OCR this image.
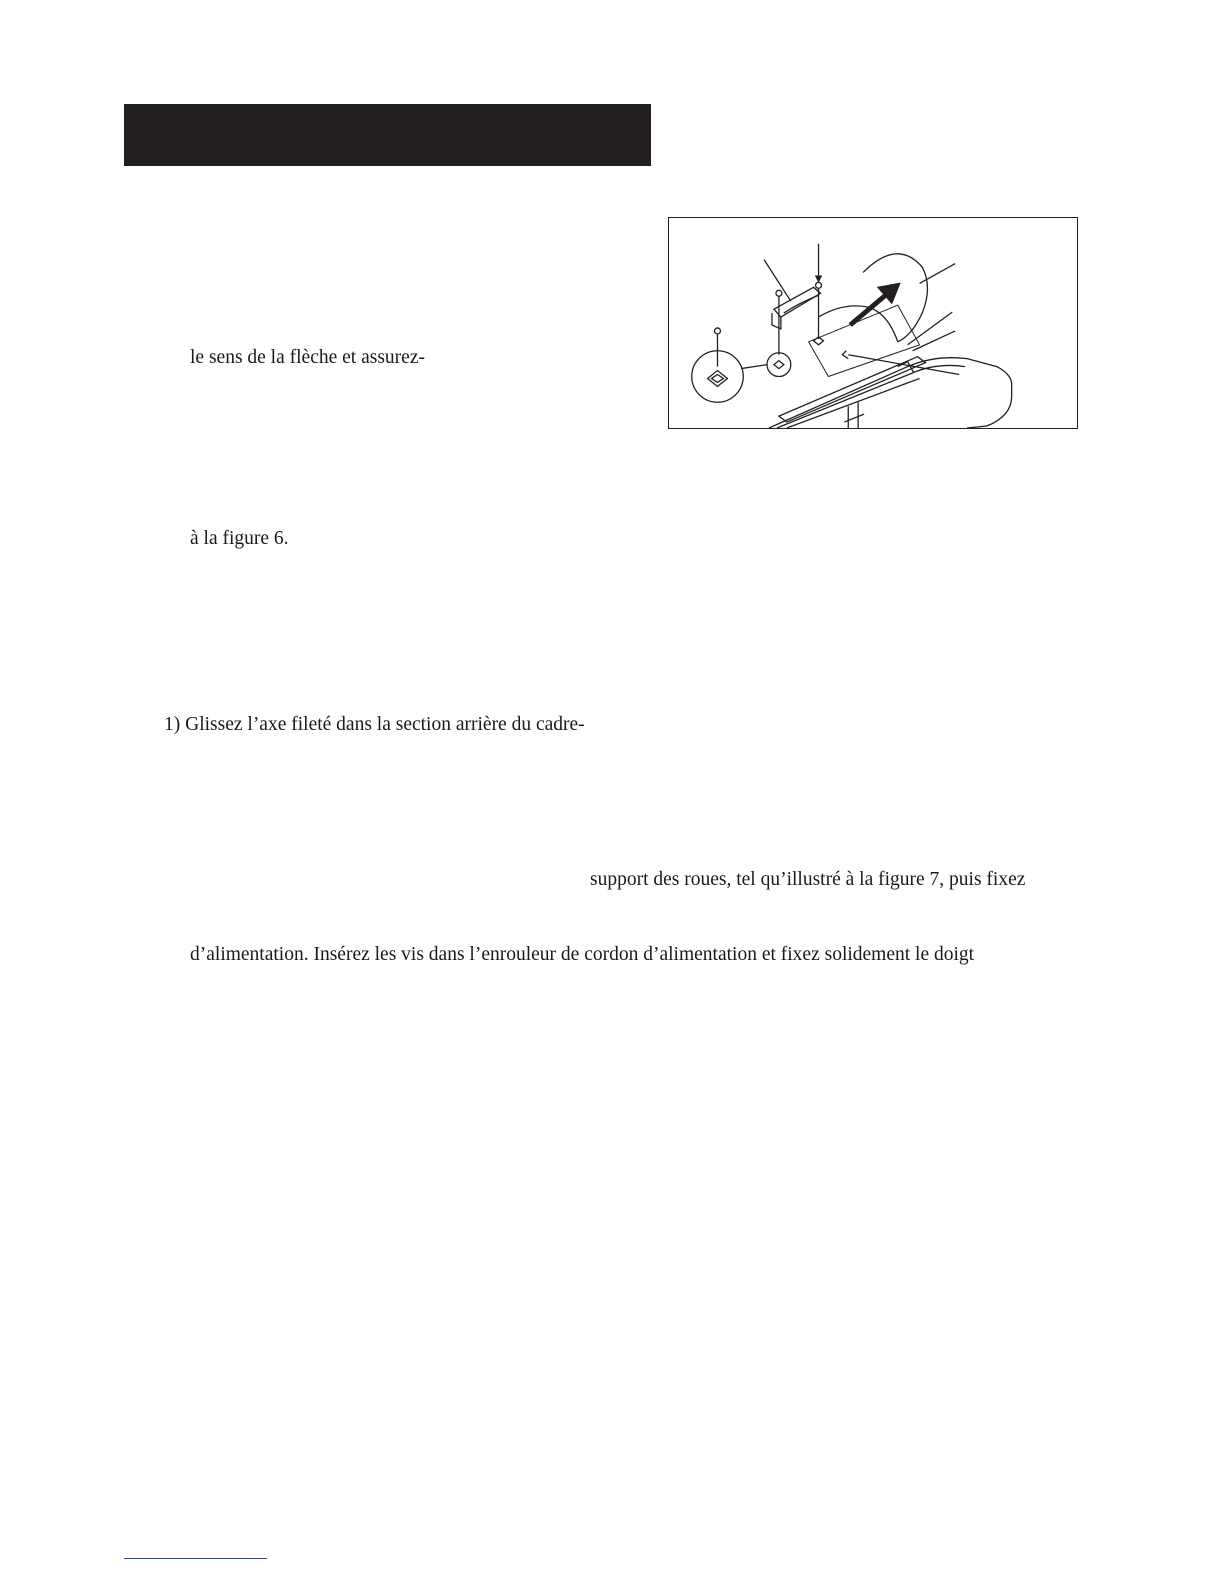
le sens de la flèche et assurez-
à la figure 6.
1) Glissez l’axe fileté dans la section arrière du cadre-
support des roues, tel qu’illustré à la figure 7, puis fixez
d’alimentation. Insérez les vis dans l’enrouleur de cordon d’alimentation et fixez solidement le doigt
